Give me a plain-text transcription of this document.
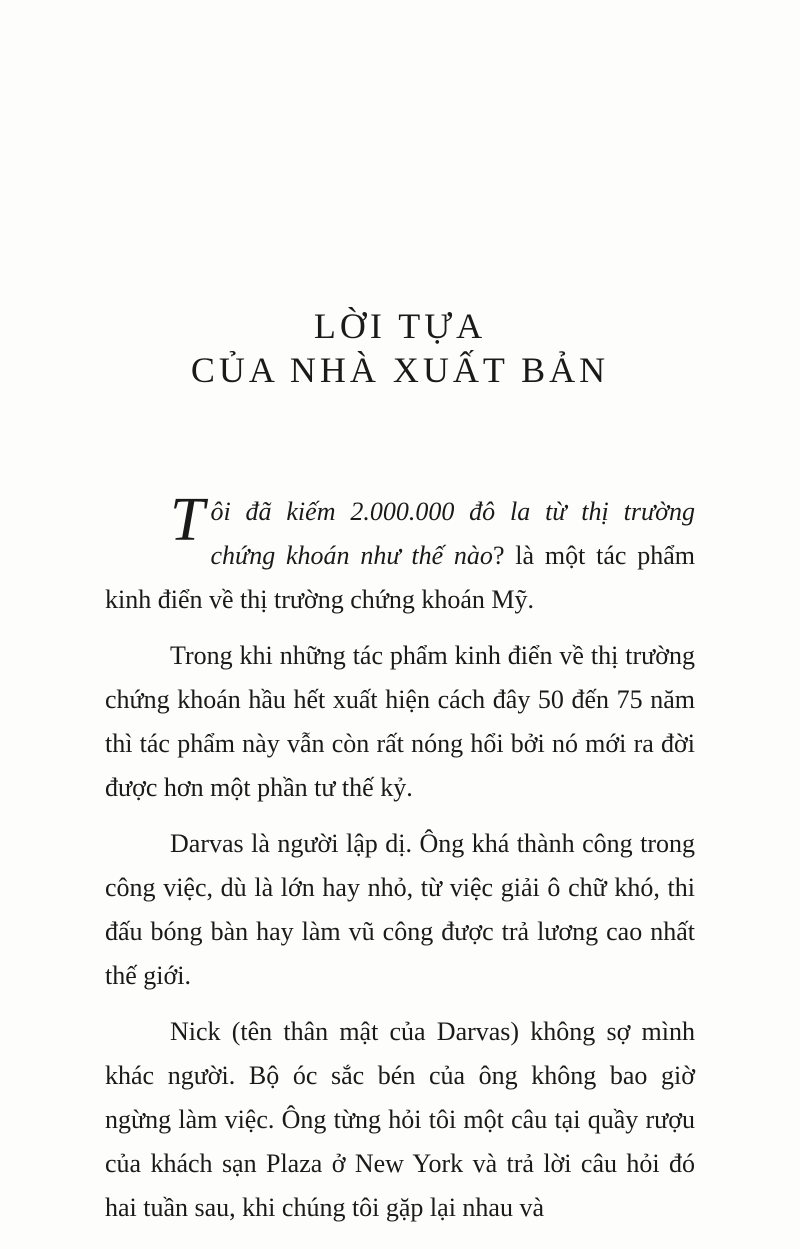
LỜI TỰA
CỦA NHÀ XUẤT BẢN

Tôi đã kiếm 2.000.000 đô la từ thị trường chứng khoán như thế nào? là một tác phẩm kinh điển về thị trường chứng khoán Mỹ.

Trong khi những tác phẩm kinh điển về thị trường chứng khoán hầu hết xuất hiện cách đây 50 đến 75 năm thì tác phẩm này vẫn còn rất nóng hổi bởi nó mới ra đời được hơn một phần tư thế kỷ.

Darvas là người lập dị. Ông khá thành công trong công việc, dù là lớn hay nhỏ, từ việc giải ô chữ khó, thi đấu bóng bàn hay làm vũ công được trả lương cao nhất thế giới.

Nick (tên thân mật của Darvas) không sợ mình khác người. Bộ óc sắc bén của ông không bao giờ ngừng làm việc. Ông từng hỏi tôi một câu tại quầy rượu của khách sạn Plaza ở New York và trả lời câu hỏi đó hai tuần sau, khi chúng tôi gặp lại nhau và
